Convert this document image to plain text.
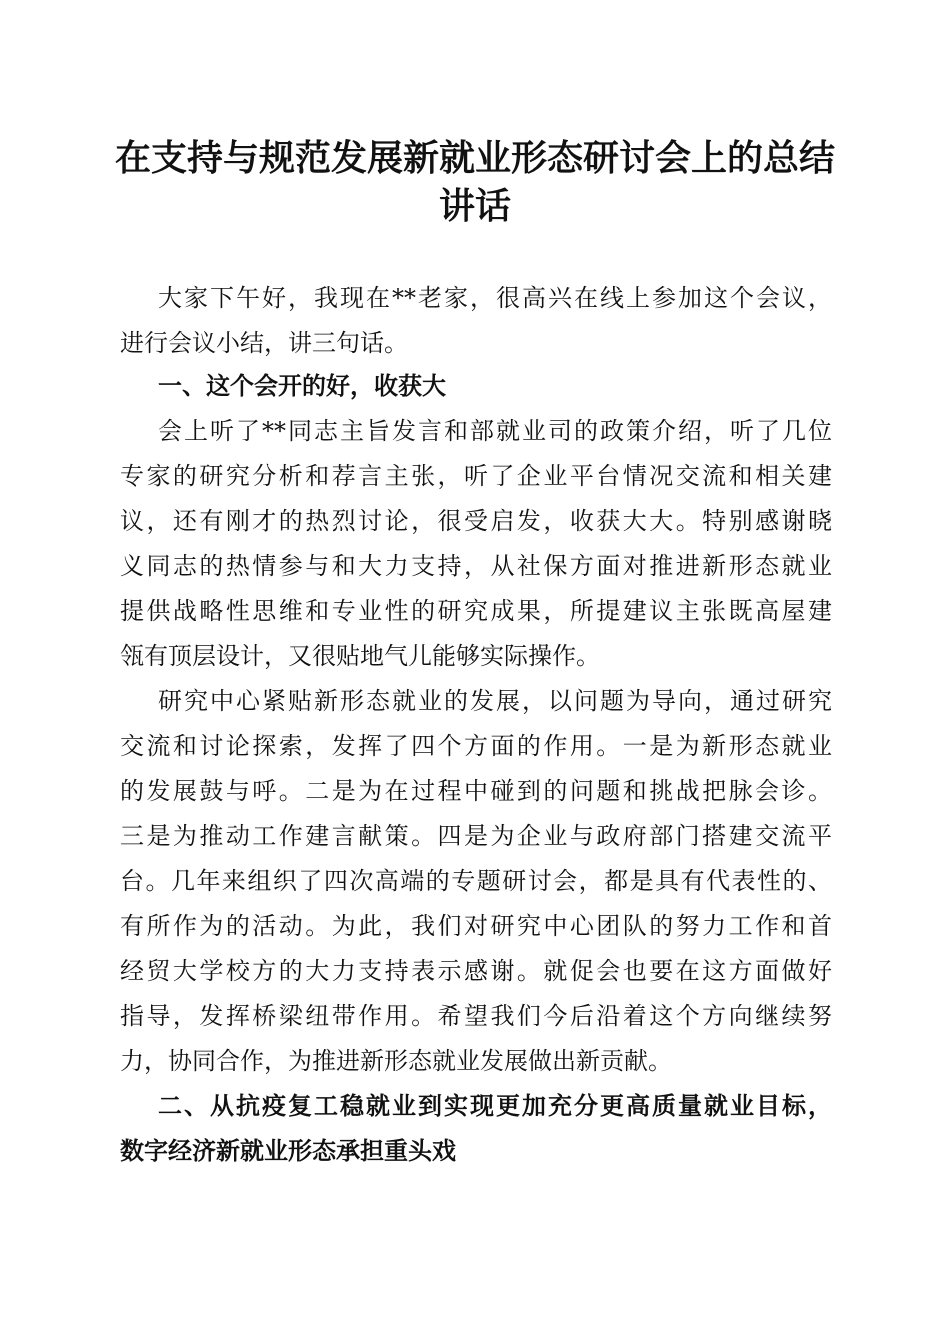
在支持与规范发展新就业形态研讨会上的总结
讲话
大家下午好，我现在**老家，很高兴在线上参加这个会议，
进行会议小结，讲三句话。
一、这个会开的好，收获大
会上听了**同志主旨发言和部就业司的政策介绍，听了几位
专家的研究分析和荐言主张，听了企业平台情况交流和相关建
议，还有刚才的热烈讨论，很受启发，收获大大。特别感谢晓
义同志的热情参与和大力支持，从社保方面对推进新形态就业
提供战略性思维和专业性的研究成果，所提建议主张既高屋建
瓴有顶层设计，又很贴地气儿能够实际操作。
研究中心紧贴新形态就业的发展，以问题为导向，通过研究
交流和讨论探索，发挥了四个方面的作用。一是为新形态就业
的发展鼓与呼。二是为在过程中碰到的问题和挑战把脉会诊。
三是为推动工作建言献策。四是为企业与政府部门搭建交流平
台。几年来组织了四次高端的专题研讨会，都是具有代表性的、
有所作为的活动。为此，我们对研究中心团队的努力工作和首
经贸大学校方的大力支持表示感谢。就促会也要在这方面做好
指导，发挥桥梁纽带作用。希望我们今后沿着这个方向继续努
力，协同合作，为推进新形态就业发展做出新贡献。
二、从抗疫复工稳就业到实现更加充分更高质量就业目标，
数字经济新就业形态承担重头戏
